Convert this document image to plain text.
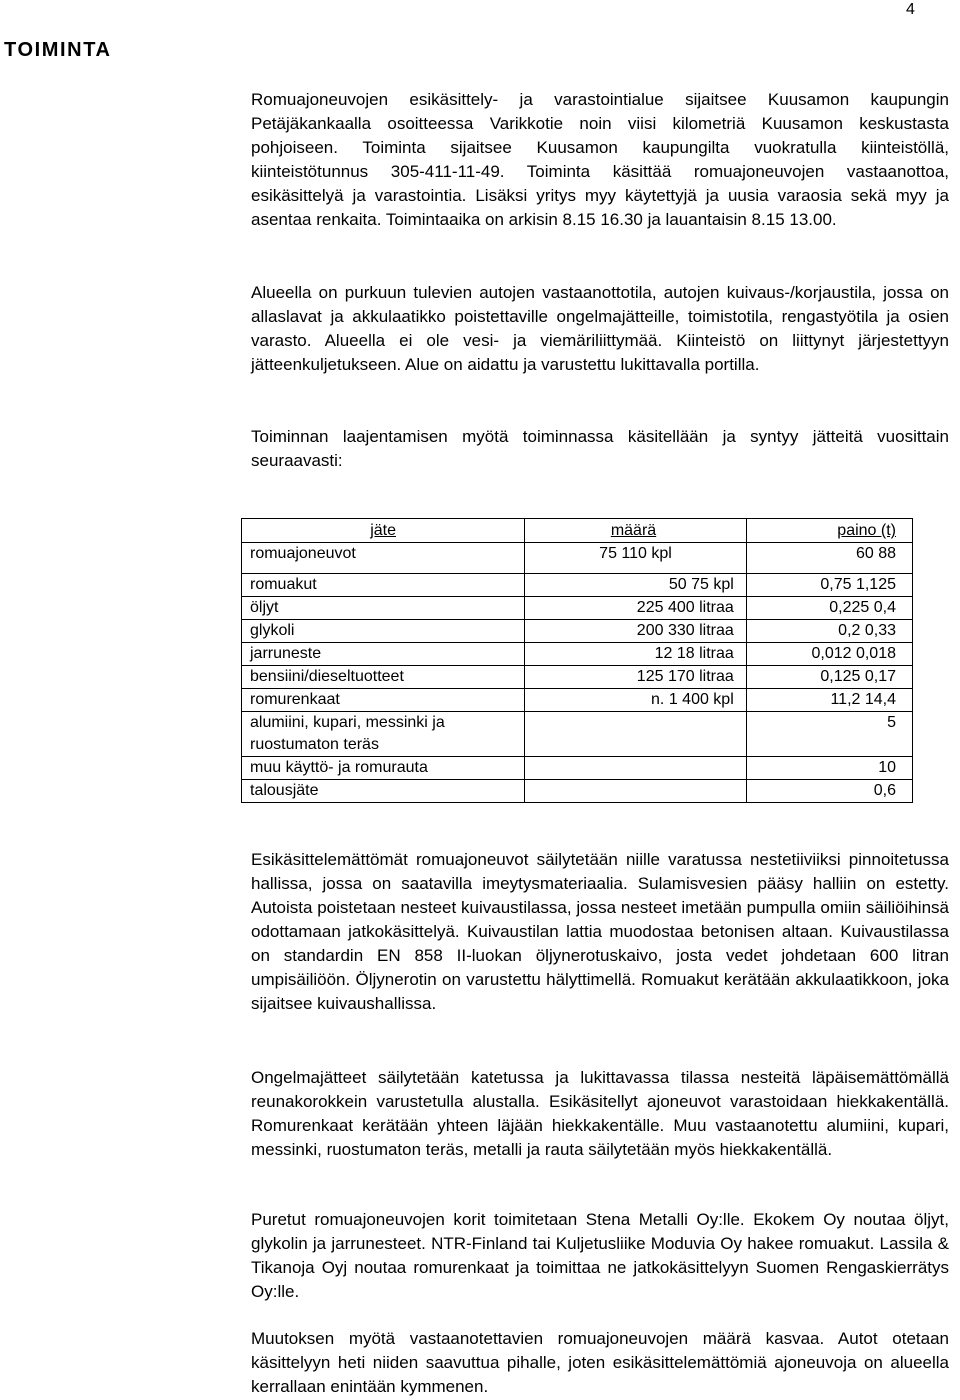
4
TOIMINTA

Romuajoneuvojen esikäsittely- ja varastointialue sijaitsee Kuusamon kaupungin Petäjäkankaalla osoitteessa Varikkotie noin viisi kilometriä Kuusamon keskustasta pohjoiseen. Toiminta sijaitsee Kuusamon kaupungilta vuokratulla kiinteistöllä, kiinteistötunnus 305-411-11-49. Toiminta käsittää romuajoneuvojen vastaanottoa, esikäsittelyä ja varastointia. Lisäksi yritys myy käytettyjä ja uusia varaosia sekä myy ja asentaa renkaita. Toimintaaika on arkisin 8.15 16.30 ja lauantaisin 8.15 13.00.

Alueella on purkuun tulevien autojen vastaanottotila, autojen kuivaus-/korjaustila, jossa on allaslavat ja akkulaatikko poistettaville ongelmajätteille, toimistotila, rengastyötila ja osien varasto. Alueella ei ole vesi- ja viemäriliittymää. Kiinteistö on liittynyt järjestettyyn jätteenkuljetukseen. Alue on aidattu ja varustettu lukittavalla portilla.

Toiminnan laajentamisen myötä toiminnassa käsitellään ja syntyy jätteitä vuosittain seuraavasti:

jäte	määrä	paino (t)
romuajoneuvot	75 110 kpl	60 88
romuakut	50 75 kpl	0,75 1,125
öljyt	225 400 litraa	0,225 0,4
glykoli	200 330 litraa	0,2 0,33
jarruneste	12 18 litraa	0,012 0,018
bensiini/dieseltuotteet	125 170 litraa	0,125 0,17
romurenkaat	n. 1 400 kpl	11,2 14,4
alumiini, kupari, messinki ja ruostumaton teräs		5
muu käyttö- ja romurauta		10
talousjäte		0,6

Esikäsittelemättömät romuajoneuvot säilytetään niille varatussa nestetiiviiksi pinnoitetussa hallissa, jossa on saatavilla imeytysmateriaalia. Sulamisvesien pääsy halliin on estetty. Autoista poistetaan nesteet kuivaustilassa, jossa nesteet imetään pumpulla omiin säiliöihinsä odottamaan jatkokäsittelyä. Kuivaustilan lattia muodostaa betonisen altaan. Kuivaustilassa on standardin EN 858 II-luokan öljynerotuskaivo, josta vedet johdetaan 600 litran umpisäiliöön. Öljynerotin on varustettu hälyttimellä. Romuakut kerätään akkulaatikkoon, joka sijaitsee kuivaushallissa.

Ongelmajätteet säilytetään katetussa ja lukittavassa tilassa nesteitä läpäisemättömällä reunakorokkein varustetulla alustalla. Esikäsitellyt ajoneuvot varastoidaan hiekkakentällä. Romurenkaat kerätään yhteen läjään hiekkakentälle. Muu vastaanotettu alumiini, kupari, messinki, ruostumaton teräs, metalli ja rauta säilytetään myös hiekkakentällä.

Puretut romuajoneuvojen korit toimitetaan Stena Metalli Oy:lle. Ekokem Oy noutaa öljyt, glykolin ja jarrunesteet. NTR-Finland tai Kuljetusliike Moduvia Oy hakee romuakut. Lassila & Tikanoja Oyj noutaa romurenkaat ja toimittaa ne jatkokäsittelyyn Suomen Rengaskierrätys Oy:lle.

Muutoksen myötä vastaanotettavien romuajoneuvojen määrä kasvaa. Autot otetaan käsittelyyn heti niiden saavuttua pihalle, joten esikäsittelemättömiä ajoneuvoja on alueella kerrallaan enintään kymmenen.
